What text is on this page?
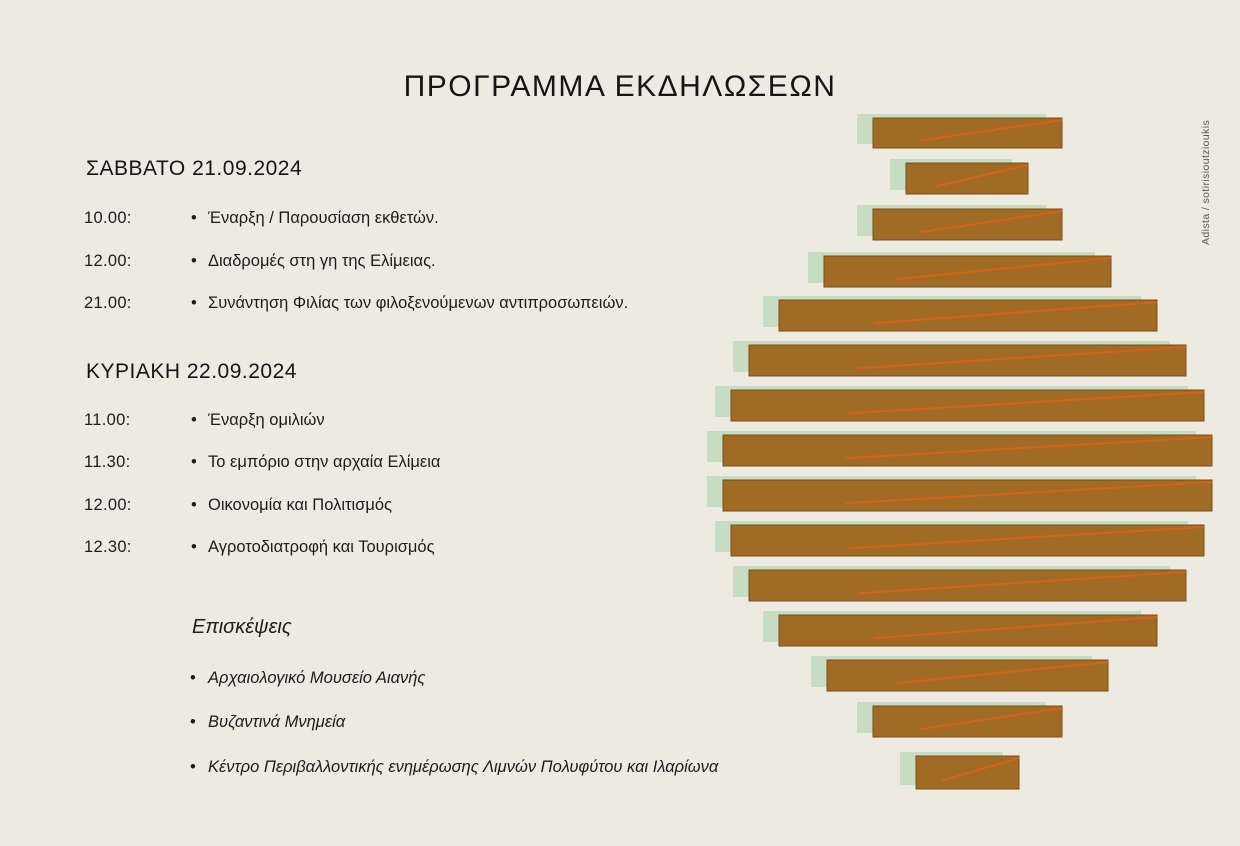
ΠΡΟΓΡΑΜΜΑ ΕΚΔΗΛΩΣΕΩΝ
ΣΑΒΒΑΤΟ 21.09.2024
10.00:	• Έναρξη / Παρουσίαση εκθετών.
12.00:	• Διαδρομές στη γη της Ελίμειας.
21.00:	• Συνάντηση Φιλίας των φιλοξενούμενων αντιπροσωπειών.
ΚΥΡΙΑΚΗ 22.09.2024
11.00:	• Έναρξη ομιλιών
11.30:	• Το εμπόριο στην αρχαία Ελίμεια
12.00:	• Οικονομία και Πολιτισμός
12.30:	• Αγροτοδιατροφή και Τουρισμός
Επισκέψεις
• Αρχαιολογικό Μουσείο Αιανής
• Βυζαντινά Μνημεία
• Κέντρο Περιβαλλοντικής ενημέρωσης Λιμνών Πολυφύτου και Ιλαρίωνα
Adista / sotirisioutzioukis
